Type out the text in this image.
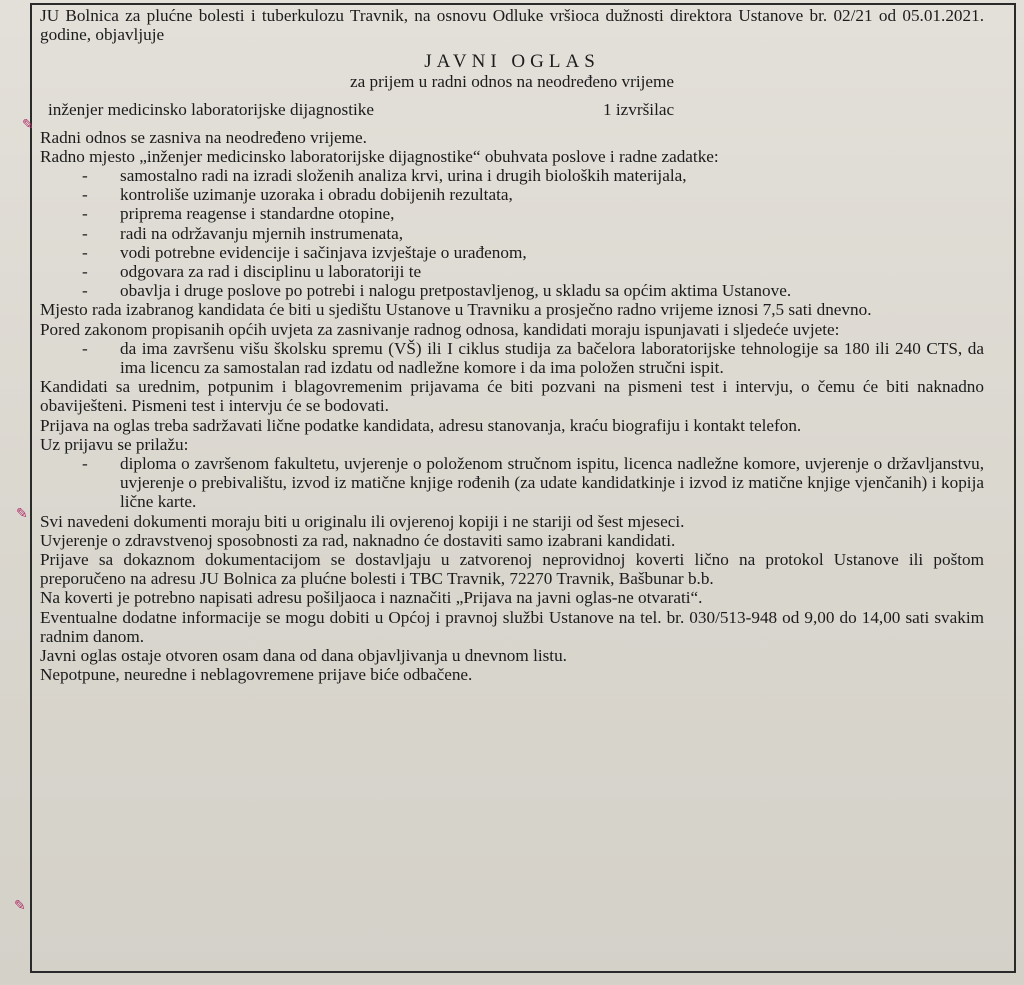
✎
✎
✎

JU Bolnica za plućne bolesti i tuberkulozu Travnik, na osnovu Odluke vršioca dužnosti direktora Ustanove br. 02/21 od 05.01.2021. godine, objavljuje

JAVNI OGLAS
za prijem u radni odnos na neodređeno vrijeme
inženjer medicinsko laboratorijske dijagnostike	1 izvršilac

Radni odnos se zasniva na neodređeno vrijeme.

Radno mjesto „inženjer medicinsko laboratorijske dijagnostike“ obuhvata poslove i radne zadatke:

- samostalno radi na izradi složenih analiza krvi, urina i drugih bioloških materijala,
- kontroliše uzimanje uzoraka i obradu dobijenih rezultata,
- priprema reagense i standardne otopine,
- radi na održavanju mjernih instrumenata,
- vodi potrebne evidencije i sačinjava izvještaje o urađenom,
- odgovara za rad i disciplinu u laboratoriji te
- obavlja i druge poslove po potrebi i nalogu pretpostavljenog, u skladu sa općim aktima Ustanove.

Mjesto rada izabranog kandidata će biti u sjedištu Ustanove u Travniku a prosječno radno vrijeme iznosi 7,5 sati dnevno.

Pored zakonom propisanih općih uvjeta za zasnivanje radnog odnosa, kandidati moraju ispunjavati i sljedeće uvjete:

- da ima završenu višu školsku spremu (VŠ) ili I ciklus studija za bačelora laboratorijske tehnologije sa 180 ili 240 CTS, da ima licencu za samostalan rad izdatu od nadležne komore i da ima položen stručni ispit.

Kandidati sa urednim, potpunim i blagovremenim prijavama će biti pozvani na pismeni test i intervju, o čemu će biti naknadno obaviješteni. Pismeni test i intervju će se bodovati.

Prijava na oglas treba sadržavati lične podatke kandidata, adresu stanovanja, kraću biografiju i kontakt telefon.

Uz prijavu se prilažu:

- diploma o završenom fakultetu, uvjerenje o položenom stručnom ispitu, licenca nadležne komore, uvjerenje o državljanstvu, uvjerenje o prebivalištu, izvod iz matične knjige rođenih (za udate kandidatkinje i izvod iz matične knjige vjenčanih) i kopija lične karte.

Svi navedeni dokumenti moraju biti u originalu ili ovjerenoj kopiji i ne stariji od šest mjeseci.

Uvjerenje o zdravstvenoj sposobnosti za rad, naknadno će dostaviti samo izabrani kandidati.

Prijave sa dokaznom dokumentacijom se dostavljaju u zatvorenoj neprovidnoj koverti lično na protokol Ustanove ili poštom preporučeno na adresu JU Bolnica za plućne bolesti i TBC Travnik, 72270 Travnik, Bašbunar b.b.

Na koverti je potrebno napisati adresu pošiljaoca i naznačiti „Prijava na javni oglas-ne otvarati“.

Eventualne dodatne informacije se mogu dobiti u Općoj i pravnoj službi Ustanove na tel. br. 030/513-948 od 9,00 do 14,00 sati svakim radnim danom.

Javni oglas ostaje otvoren osam dana od dana objavljivanja u dnevnom listu.

Nepotpune, neuredne i neblagovremene prijave biće odbačene.
